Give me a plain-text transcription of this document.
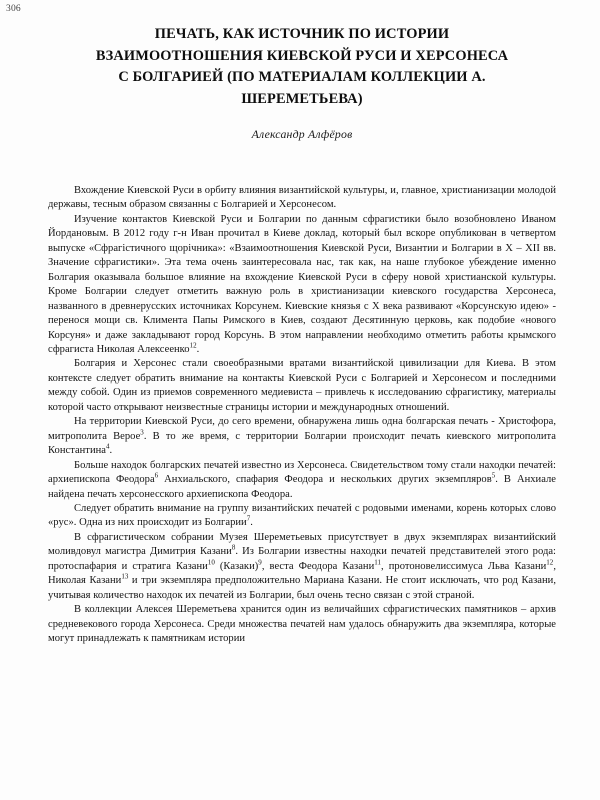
306
ПЕЧАТЬ, КАК ИСТОЧНИК ПО ИСТОРИИ
ВЗАИМООТНОШЕНИЯ КИЕВСКОЙ РУСИ И ХЕРСОНЕСА
С БОЛГАРИЕЙ (ПО МАТЕРИАЛАМ КОЛЛЕКЦИИ А.
ШЕРЕМЕТЬЕВА)
Александр Алфёров

Вхождение Киевской Руси в орбиту влияния византийской культуры, и, главное, христианизации молодой державы, тесным образом связанны с Болгарией и Херсонесом.

Изучение контактов Киевской Руси и Болгарии по данным сфрагистики было возобновлено Иваном Йордановым. В 2012 году г-н Иван прочитал в Киеве доклад, который был вскоре опубликован в четвертом выпуске «Сфрагістичного щорічника»: «Взаимоотношения Киевской Руси, Византии и Болгарии в X – XII вв. Значение сфрагистики». Эта тема очень заинтересовала нас, так как, на наше глубокое убеждение именно Болгария оказывала большое влияние на вхождение Киевской Руси в сферу новой христианской культуры. Кроме Болгарии следует отметить важную роль в христианизации киевского государства Херсонеса, названного в древнерусских источниках Корсунем. Киевские князья с X века развивают «Корсунскую идею» - перенося мощи св. Климента Папы Римского в Киев, создают Десятинную церковь, как подобие «нового Корсуня» и даже закладывают город Корсунь. В этом направлении необходимо отметить работы крымского сфрагиста Николая Алексеенко$^{12}$.

Болгария и Херсонес стали своеобразными вратами византийской цивилизации для Киева. В этом контексте следует обратить внимание на контакты Киевской Руси с Болгарией и Херсонесом и последними между собой. Один из приемов современного медиевиста – привлечь к исследованию сфрагистику, материалы которой часто открывают неизвестные страницы истории и международных отношений.

На территории Киевской Руси, до сего времени, обнаружена лишь одна болгарская печать - Христофора, митрополита Верое$^3$. В то же время, с территории Болгарии происходит печать киевского митрополита Константина$^4$.

Больше находок болгарских печатей известно из Херсонеса. Свидетельством тому стали находки печатей: архиепископа Феодора$^6$ Анхиальского, спафария Феодора и нескольких других экземпляров$^5$. В Анхиале найдена печать херсонесского архиепископа Феодора.

Следует обратить внимание на группу византийских печатей с родовыми именами, корень которых слово «рус». Одна из них происходит из Болгарии$^7$.

В сфрагистическом собрании Музея Шереметьевых присутствует в двух экземплярах византийский моливдовул магистра Димитрия Казани$^8$. Из Болгарии известны находки печатей представителей этого рода: протоспафария и стратига Казани$^{10}$ (Казаки)$^9$, веста Феодора Казани$^{11}$, протоновелиссимуса Льва Казани$^{12}$, Николая Казани$^{13}$ и три экземпляра предположительно Мариана Казани. Не стоит исключать, что род Казани, учитывая количество находок их печатей из Болгарии, был очень тесно связан с этой страной.

В коллекции Алексея Шереметьева хранится один из величайших сфрагистических памятников – архив средневекового города Херсонеса. Среди множества печатей нам удалось обнаружить два экземпляра, которые могут принадлежать к памятникам истории
